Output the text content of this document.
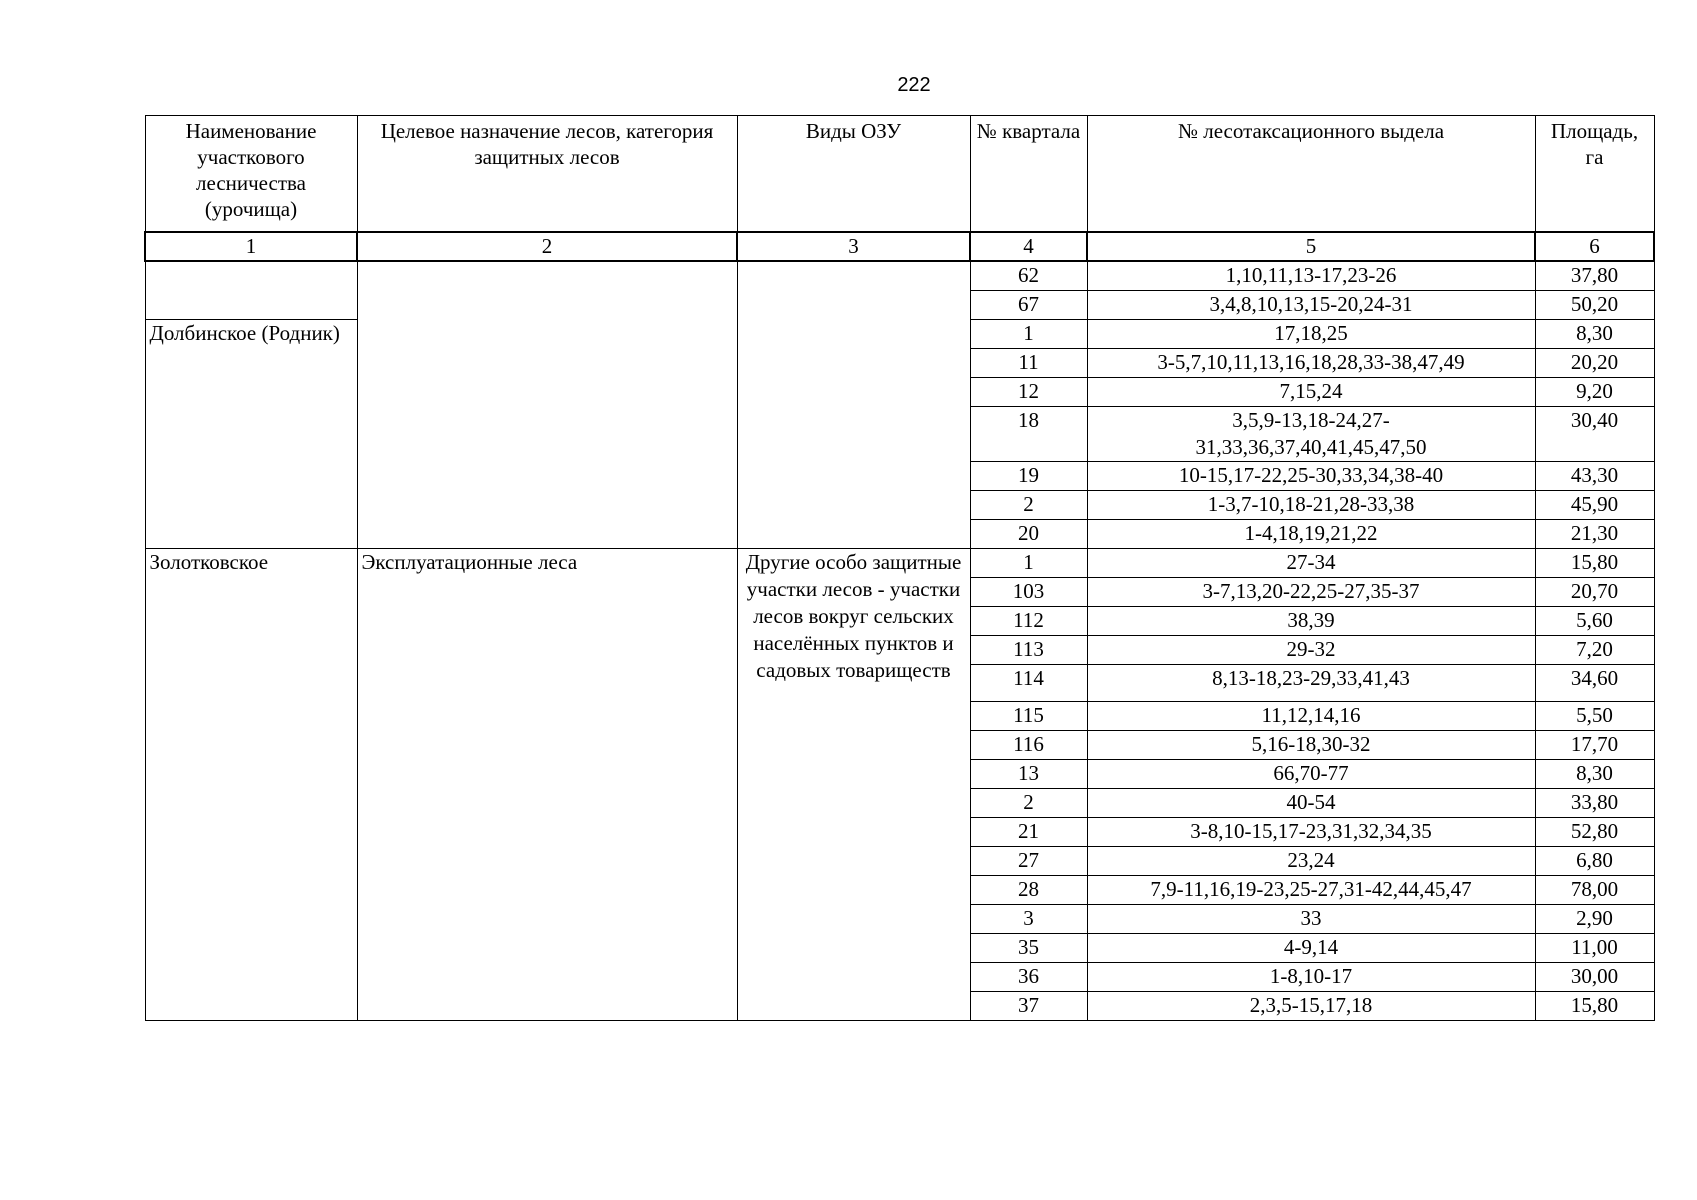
222
Наименование участкового лесничества (урочища)	Целевое назначение лесов, категория защитных лесов	Виды ОЗУ	№ квартала	№ лесотаксационного выдела	Площадь, га
1	2	3	4	5	6
			62	1,10,11,13-17,23-26	37,80
			67	3,4,8,10,13,15-20,24-31	50,20
Долбинское (Родник)			1	17,18,25	8,30
			11	3-5,7,10,11,13,16,18,28,33-38,47,49	20,20
			12	7,15,24	9,20
			18	3,5,9-13,18-24,27-31,33,36,37,40,41,45,47,50	30,40
			19	10-15,17-22,25-30,33,34,38-40	43,30
			2	1-3,7-10,18-21,28-33,38	45,90
			20	1-4,18,19,21,22	21,30
Золотковское	Эксплуатационные леса	Другие особо защитные участки лесов - участки лесов вокруг сельских населённых пунктов и садовых товариществ	1	27-34	15,80
			103	3-7,13,20-22,25-27,35-37	20,70
			112	38,39	5,60
			113	29-32	7,20
			114	8,13-18,23-29,33,41,43	34,60
			115	11,12,14,16	5,50
			116	5,16-18,30-32	17,70
			13	66,70-77	8,30
			2	40-54	33,80
			21	3-8,10-15,17-23,31,32,34,35	52,80
			27	23,24	6,80
			28	7,9-11,16,19-23,25-27,31-42,44,45,47	78,00
			3	33	2,90
			35	4-9,14	11,00
			36	1-8,10-17	30,00
			37	2,3,5-15,17,18	15,80
